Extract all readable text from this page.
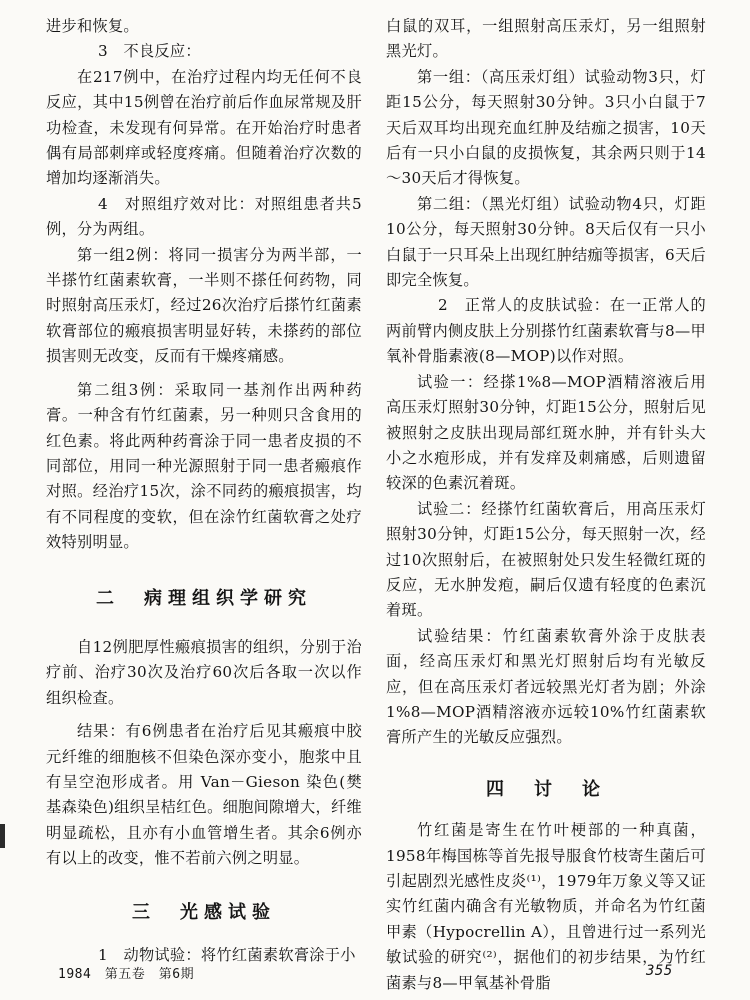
进步和恢复。

3　不良反应：

在217例中，在治疗过程内均无任何不良反应，其中15例曾在治疗前后作血尿常规及肝功检查，未发现有何异常。在开始治疗时患者偶有局部刺痒或轻度疼痛。但随着治疗次数的增加均逐渐消失。

4　对照组疗效对比：对照组患者共5例，分为两组。

第一组2例：将同一损害分为两半部，一半搽竹红菌素软膏，一半则不搽任何药物，同时照射高压汞灯，经过26次治疗后搽竹红菌素软膏部位的瘢痕损害明显好转，未搽药的部位损害则无改变，反而有干燥疼痛感。

第二组3例：采取同一基剂作出两种药膏。一种含有竹红菌素，另一种则只含食用的红色素。将此两种药膏涂于同一患者皮损的不同部位，用同一种光源照射于同一患者瘢痕作对照。经治疗15次，涂不同药的瘢痕损害，均有不同程度的变软，但在涂竹红菌软膏之处疗效特别明显。

二　病理组织学研究

自12例肥厚性瘢痕损害的组织，分别于治疗前、治疗30次及治疗60次后各取一次以作组织检查。

结果：有6例患者在治疗后见其瘢痕中胶元纤维的细胞核不但染色深亦变小，胞浆中且有呈空泡形成者。用 Van－Gieson 染色(樊基森染色)组织呈桔红色。细胞间隙增大，纤维明显疏松，且亦有小血管增生者。其余6例亦有以上的改变，惟不若前六例之明显。

三　光感试验

1　动物试验：将竹红菌素软膏涂于小

白鼠的双耳，一组照射高压汞灯，另一组照射黑光灯。

第一组：（高压汞灯组）试验动物3只，灯距15公分，每天照射30分钟。3只小白鼠于7天后双耳均出现充血红肿及结痂之损害，10天后有一只小白鼠的皮损恢复，其余两只则于14～30天后才得恢复。

第二组：（黑光灯组）试验动物4只，灯距10公分，每天照射30分钟。8天后仅有一只小白鼠于一只耳朵上出现红肿结痂等损害，6天后即完全恢复。

2　正常人的皮肤试验：在一正常人的两前臂内侧皮肤上分别搽竹红菌素软膏与8—甲氧补骨脂素液(8—MOP)以作对照。

试验一：经搽1%8—MOP酒精溶液后用高压汞灯照射30分钟，灯距15公分，照射后见被照射之皮肤出现局部红斑水肿，并有针头大小之水疱形成，并有发痒及刺痛感，后则遗留较深的色素沉着斑。

试验二：经搽竹红菌软膏后，用高压汞灯照射30分钟，灯距15公分，每天照射一次，经过10次照射后，在被照射处只发生轻微红斑的反应，无水肿发疱，嗣后仅遗有轻度的色素沉着斑。

试验结果：竹红菌素软膏外涂于皮肤表面，经高压汞灯和黑光灯照射后均有光敏反应，但在高压汞灯者远较黑光灯者为剧；外涂1%8—MOP酒精溶液亦远较10%竹红菌素软膏所产生的光敏反应强烈。

四　讨　论

竹红菌是寄生在竹叶梗部的一种真菌，1958年梅国栋等首先报导服食竹枝寄生菌后可引起剧烈光感性皮炎⁽¹⁾，1979年万象义等又证实竹红菌内确含有光敏物质，并命名为竹红菌甲素（Hypocrellin A），且曾进行过一系列光敏试验的研究⁽²⁾，据他们的初步结果，为竹红菌素与8—甲氧基补骨脂

1984　第五卷　第6期	355
